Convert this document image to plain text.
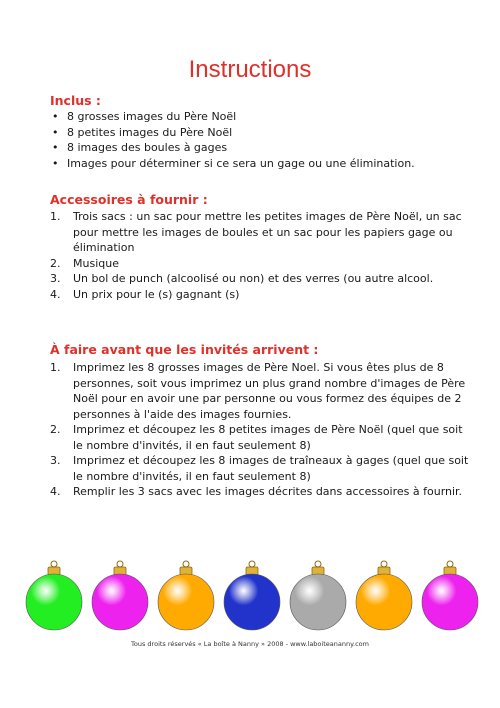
Instructions
Inclus :
• 8 grosses images du Père Noël
• 8 petites images du Père Noël
• 8 images des boules à gages
• Images pour déterminer si ce sera un gage ou une élimination.
Accessoires à fournir :
1. Trois sacs : un sac pour mettre les petites images de Père Noël, un sac pour mettre les images de boules et un sac pour les papiers gage ou élimination
2. Musique
3. Un bol de punch (alcoolisé ou non) et des verres (ou autre alcool.
4. Un prix pour le (s) gagnant (s)
À faire avant que les invités arrivent :
1. Imprimez les 8 grosses images de Père Noel. Si vous êtes plus de 8 personnes, soit vous imprimez un plus grand nombre d'images de Père Noël pour en avoir une par personne ou vous formez des équipes de 2 personnes à l'aide des images fournies.
2. Imprimez et découpez les 8 petites images de Père Noël (quel que soit le nombre d'invités, il en faut seulement 8)
3. Imprimez et découpez les 8 images de traîneaux à gages (quel que soit le nombre d'invités, il en faut seulement 8)
4. Remplir les 3 sacs avec les images décrites dans accessoires à fournir.
Tous droits réservés « La boîte à Nanny » 2008 - www.laboiteananny.com
